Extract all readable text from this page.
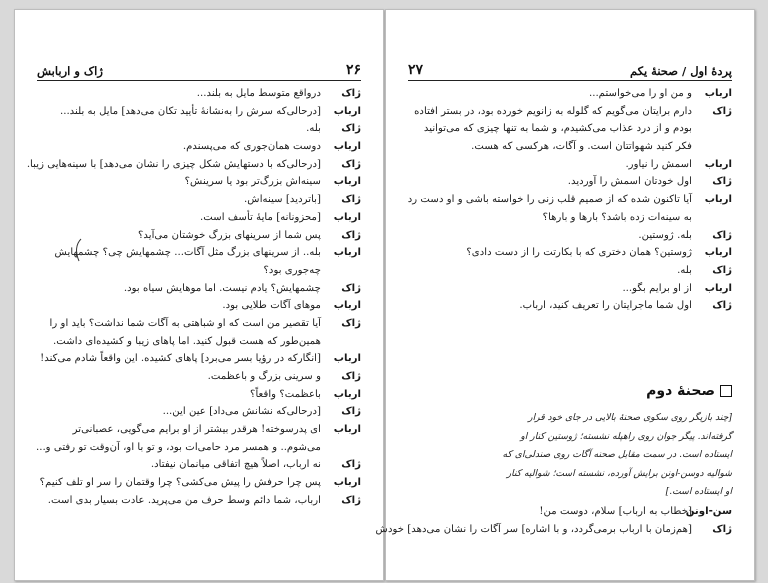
۲۶
ژاک و اربابش
ژاک
درواقع متوسط مایل به بلند...
ارباب
[درحالی‌که سرش را به‌نشانهٔ تأیید تکان می‌دهد] مایل به بلند...
ژاک
بله.
ارباب
دوست همان‌جوری که می‌پسندم.
ژاک
[درحالی‌که با دستهایش شکل چیزی را نشان می‌دهد] با سینه‌هایی زیبا.
ارباب
سینه‌اش بزرگ‌تر بود یا سرینش؟
ژاک
[باتردید] سینه‌اش.
ارباب
[محزونانه] مایهٔ تأسف است.
ژاک
پس شما از سرینهای بزرگ خوشتان می‌آید؟
ارباب
بله.. از سرینهای بزرگ مثل آگات... چشمهایش چی؟ چشمهایش
چه‌جوری بود؟
ژاک
چشمهایش؟ یادم نیست. اما موهایش سیاه بود.
ارباب
موهای آگات طلایی بود.
ژاک
آیا تقصیر من است که او شباهتی به آگات شما نداشت؟ باید او را
همین‌طور که هست قبول کنید. اما پاهای زیبا و کشیده‌ای داشت.
ارباب
[انگارکه در رؤیا بسر می‌برد] پاهای کشیده. این واقعاً شادم می‌کند!
ژاک
و سرینی بزرگ و باعظمت.
ارباب
باعظمت؟ واقعاً؟
ژاک
[درحالی‌که نشانش می‌داد] عین این...
ارباب
ای پدرسوخته! هرقدر بیشتر از او برایم می‌گویی، عصبانی‌تر
می‌شوم.. و همسر مرد حامی‌ات بود، و تو با او، آن‌وقت تو رفتی و...
ژاک
نه ارباب، اصلاً هیچ اتفاقی میانمان نیفتاد.
ارباب
پس چرا حرفش را پیش می‌کشی؟ چرا وقتمان را سر او تلف کنیم؟
ژاک
ارباب، شما دائم وسط حرف من می‌پرید. عادت بسیار بدی است.
پردهٔ اول / صحنهٔ یکم
۲۷
ارباب
و من او را می‌خواستم...
ژاک
دارم برایتان می‌گویم که گلوله به زانویم خورده بود، در بستر افتاده
بودم و از درد عذاب می‌کشیدم، و شما به تنها چیزی که می‌توانید
فکر کنید شهواتتان است. و آگات، هرکسی که هست.
ارباب
اسمش را نیاور.
ژاک
اول خودتان اسمش را آوردید.
ارباب
آیا تاکنون شده که از صمیم قلب زنی را خواسته باشی و او دست رد
به سینه‌ات زده باشد؟ بارها و بارها؟
ژاک
بله. ژوستین.
ارباب
ژوستین؟ همان دختری که با بکارتت را از دست دادی؟
ژاک
بله.
ارباب
از او برایم بگو...
ژاک
اول شما ماجرایتان را تعریف کنید، ارباب.
صحنهٔ دوم
[چند بازیگر روی سکوی صحنهٔ بالایی در جای خود قرار
گرفته‌اند. پیگر جوان روی راهپله نشسته؛ ژوستین کنار او
ایستاده است. در سمت مقابل صحنه آگات روی صندلی‌ای که
شوالیه دوسن-اونن برایش آورده، نشسته است؛ شوالیه کنار
او ایستاده است.]
سن-اونن
[خطاب به ارباب] سلام، دوست من!
ژاک
[هم‌زمان با ارباب برمی‌گردد، و با اشاره] سر آگات را نشان می‌دهد] خودش
